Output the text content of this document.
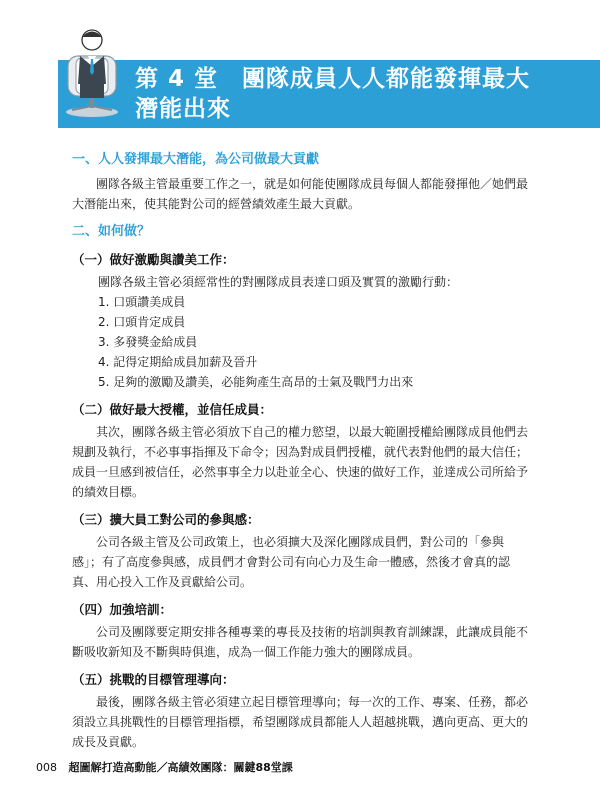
第 4 堂　團隊成員人人都能發揮最大
潛能出來
一、人人發揮最大潛能，為公司做最大貢獻

團隊各級主管最重要工作之一，就是如何能使團隊成員每個人都能發揮他／她們最大潛能出來，使其能對公司的經營績效產生最大貢獻。

二、如何做？
（一）做好激勵與讚美工作：

團隊各級主管必須經常性的對團隊成員表達口頭及實質的激勵行動：

1. 口頭讚美成員
2. 口頭肯定成員
3. 多發獎金給成員
4. 記得定期給成員加薪及晉升
5. 足夠的激勵及讚美，必能夠產生高昂的士氣及戰鬥力出來
（二）做好最大授權，並信任成員：

其次，團隊各級主管必須放下自己的權力慾望，以最大範圍授權給團隊成員他們去規劃及執行，不必事事指揮及下命令；因為對成員們授權，就代表對他們的最大信任；成員一旦感到被信任，必然事事全力以赴並全心、快速的做好工作，並達成公司所給予的績效目標。

（三）擴大員工對公司的參與感：

公司各級主管及公司政策上，也必須擴大及深化團隊成員們，對公司的「參與感」；有了高度參與感，成員們才會對公司有向心力及生命一體感，然後才會真的認真、用心投入工作及貢獻給公司。

（四）加強培訓：

公司及團隊要定期安排各種專業的專長及技術的培訓與教育訓練課，此讓成員能不斷吸收新知及不斷與時俱進，成為一個工作能力強大的團隊成員。

（五）挑戰的目標管理導向：

最後，團隊各級主管必須建立起目標管理導向；每一次的工作、專案、任務，都必須設立具挑戰性的目標管理指標，希望團隊成員都能人人超越挑戰，邁向更高、更大的成長及貢獻。

008 超圖解打造高動能／高績效團隊：關鍵88堂課
